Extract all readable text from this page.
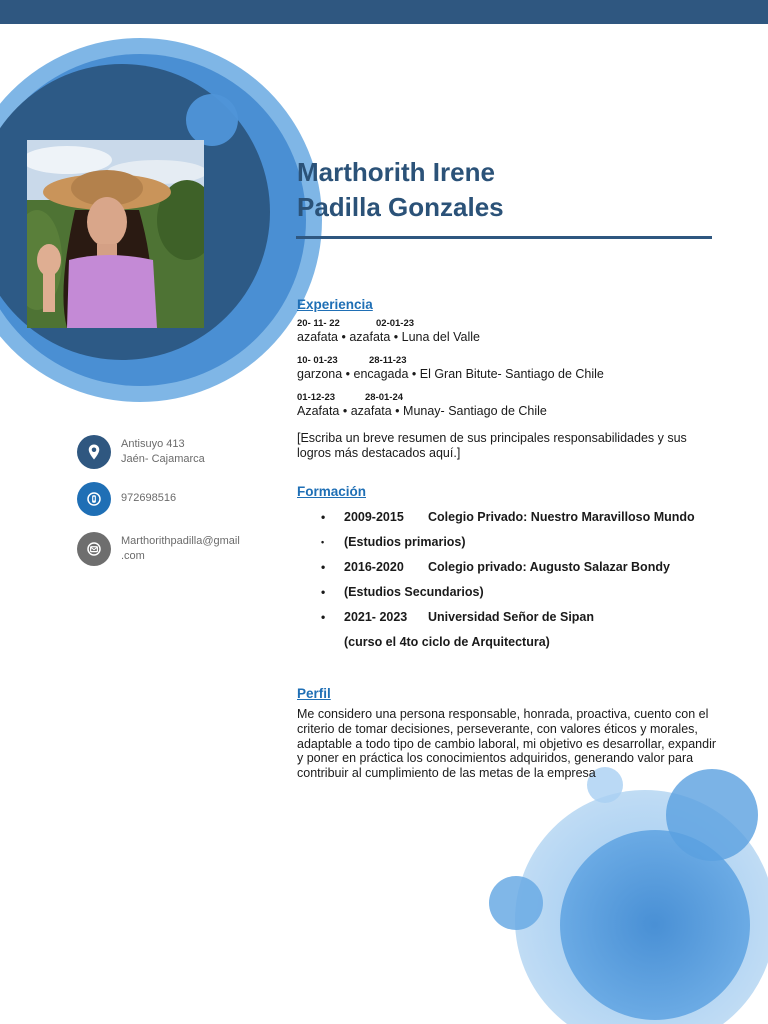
Marthorith Irene
Padilla Gonzales
Antisuyo 413
Jaén- Cajamarca
972698516
Marthorithpadilla@gmail
.com
Experiencia
20- 11- 22	02-01-23
azafata • azafata • Luna del Valle
10- 01-23	28-11-23
garzona • encagada • El Gran Bitute- Santiago de Chile
01-12-23	28-01-24
Azafata • azafata • Munay- Santiago de Chile
[Escriba un breve resumen de sus principales responsabilidades y sus logros más destacados aquí.]
Formación
• 2009-2015 Colegio Privado: Nuestro Maravilloso Mundo
• (Estudios primarios)
• 2016-2020 Colegio privado: Augusto Salazar Bondy
• (Estudios Secundarios)
• 2021- 2023 Universidad Señor de Sipan
(curso el 4to ciclo de Arquitectura)
Perfil
Me considero una persona responsable, honrada, proactiva, cuento con el criterio de tomar decisiones, perseverante, con valores éticos y morales, adaptable a todo tipo de cambio laboral, mi objetivo es desarrollar, expandir y poner en práctica los conocimientos adquiridos, generando valor para contribuir al cumplimiento de las metas de la empresa
